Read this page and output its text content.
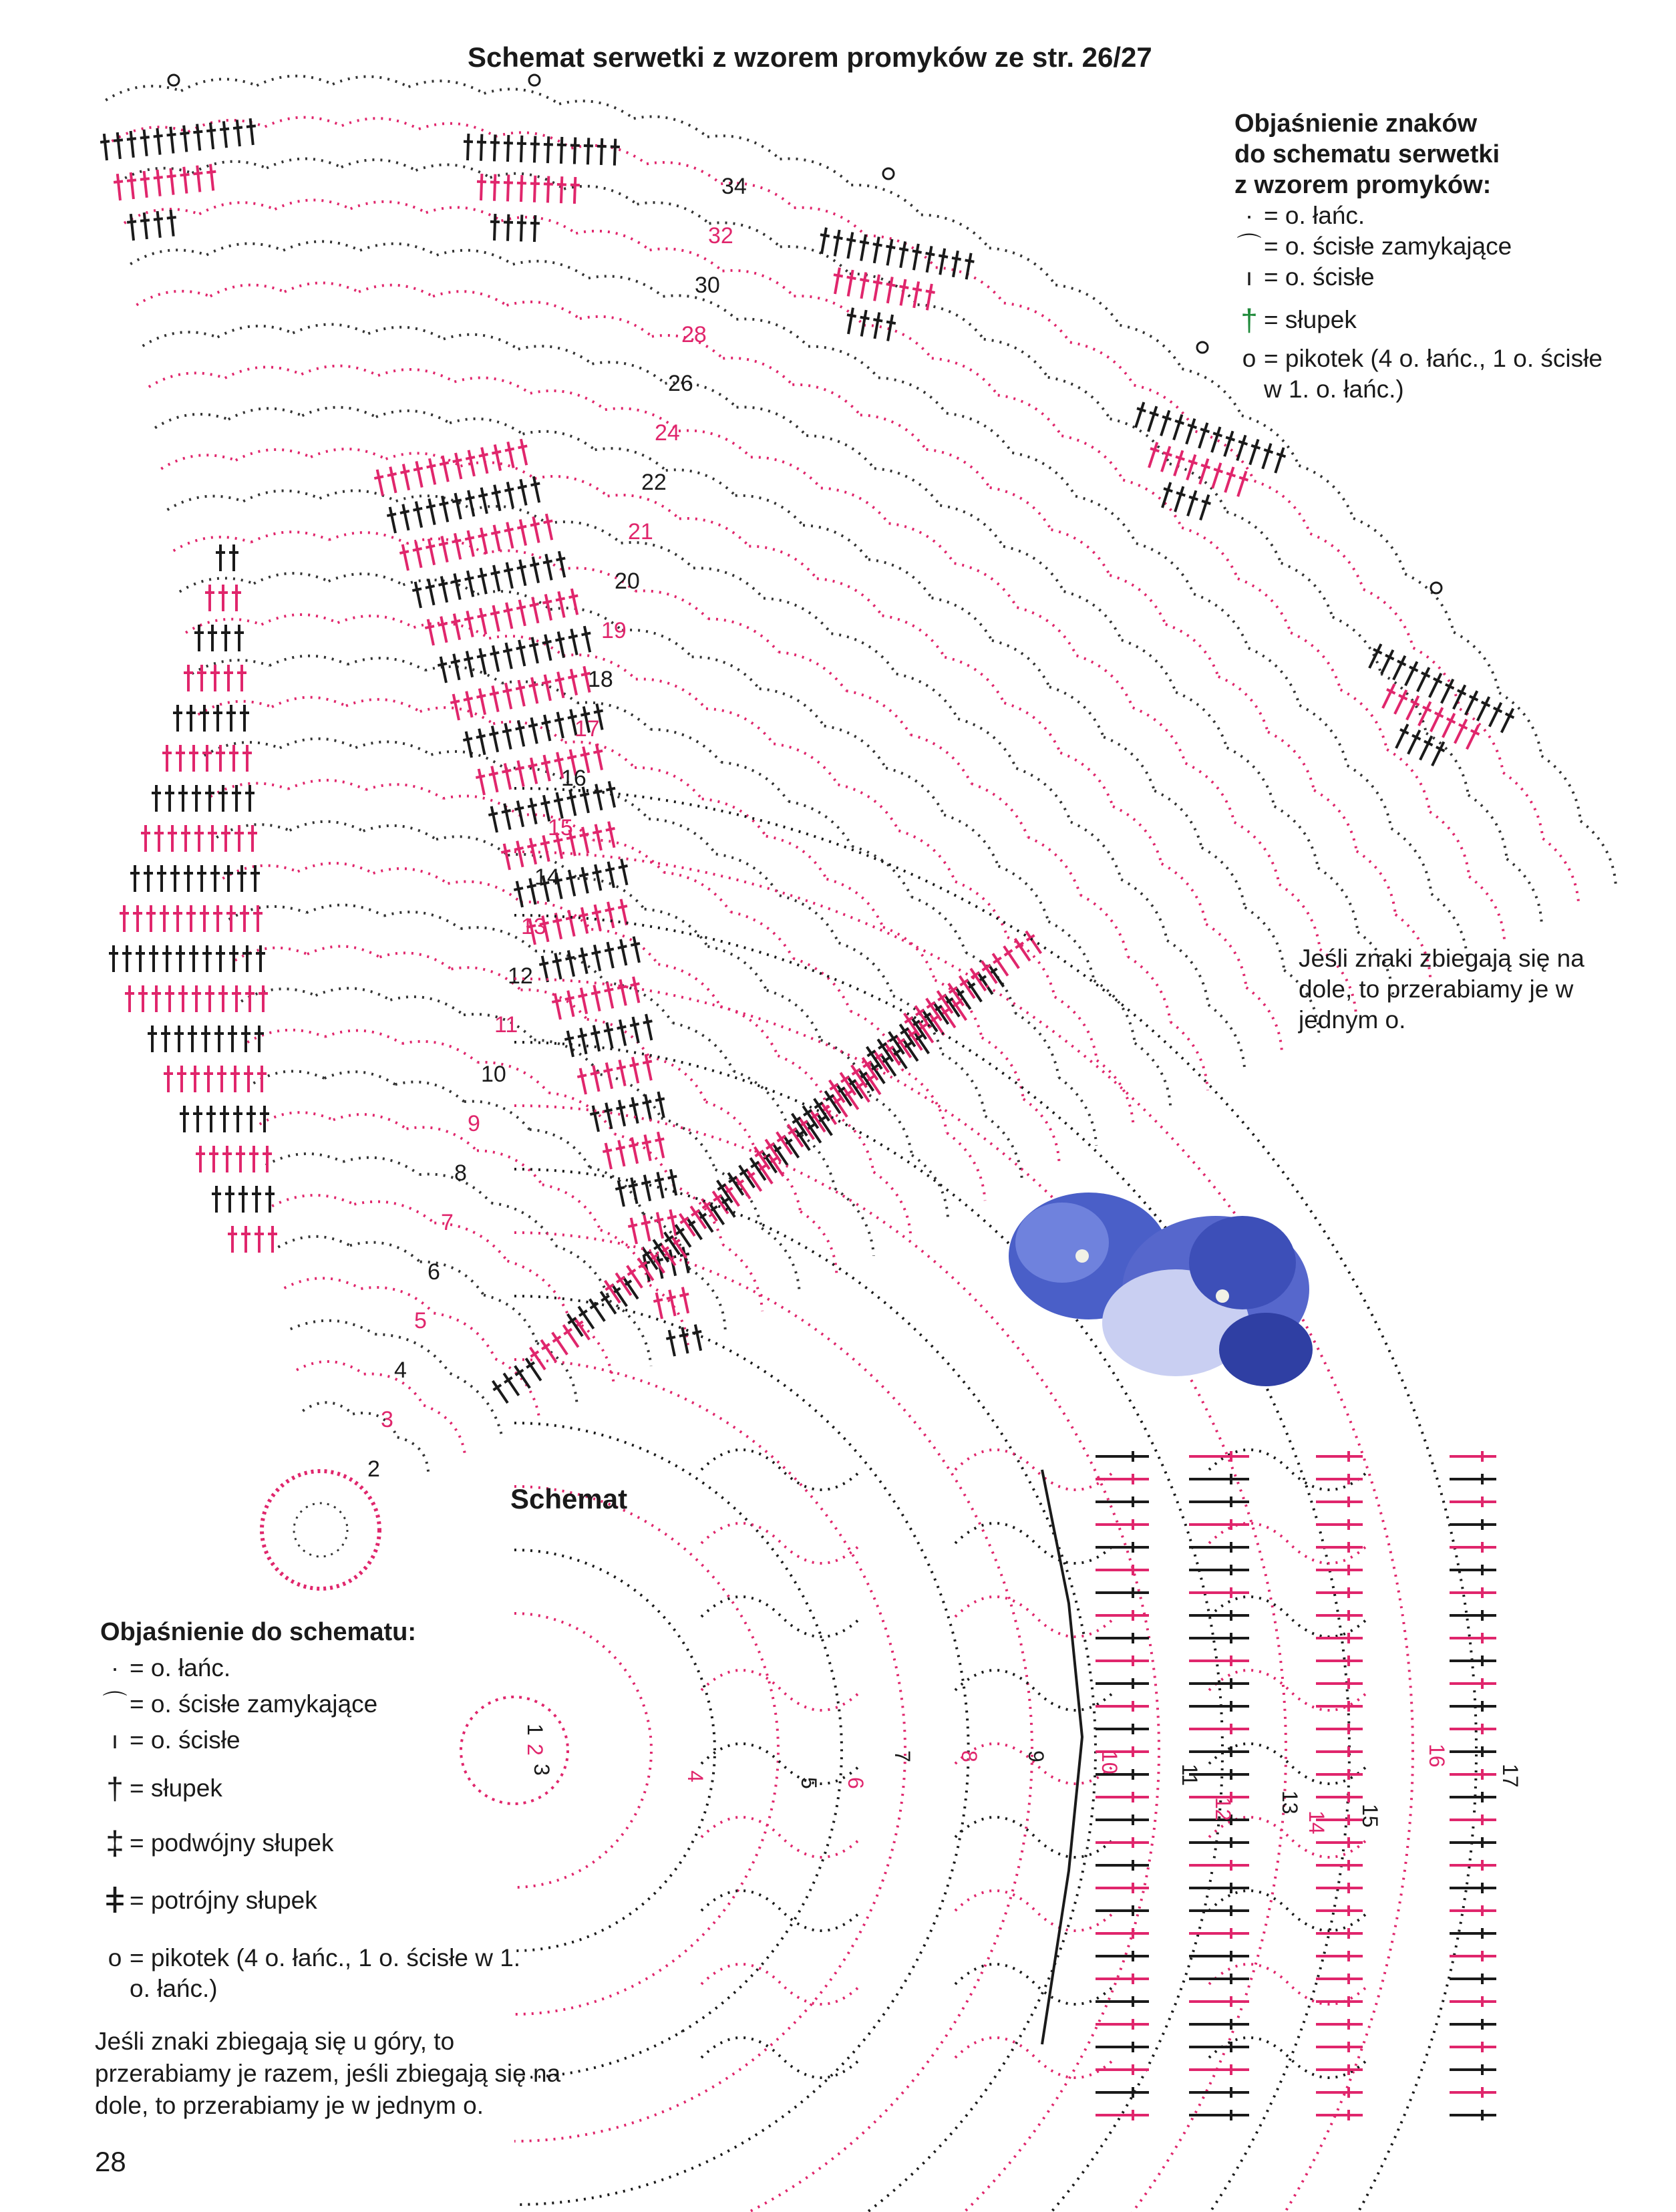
2
3
4
5
6
7
8
9
10
11
12
13
14
15
16
17
18
19
20
21
22
24
26
28
30
32
34
1
2
3
4
5 6
7 8 9 10
11
12 13
14 15
16
17
Schemat serwetki z wzorem promyków ze str. 26/27
Objaśnienie znaków
do schematu serwetki
z wzorem promyków:
· = o. łańc.
⌒ = o. ścisłe zamykające
ı = o. ścisłe
† = słupek
o = pikotek (4 o. łańc., 1 o. ścisłe w 1. o. łańc.)
Jeśli znaki zbiegają się na dole, to przerabiamy je w jednym o.
Schemat
Objaśnienie do schematu:
· = o. łańc.
⌒ = o. ścisłe zamykające
ı = o. ścisłe
† = słupek
‡ = podwójny słupek
ǂ = potrójny słupek
o = pikotek (4 o. łańc., 1 o. ścisłe w 1. o. łańc.)
Jeśli znaki zbiegają się u góry, to przerabiamy je razem, jeśli zbiegają się na dole, to przerabiamy je w jednym o.
28
